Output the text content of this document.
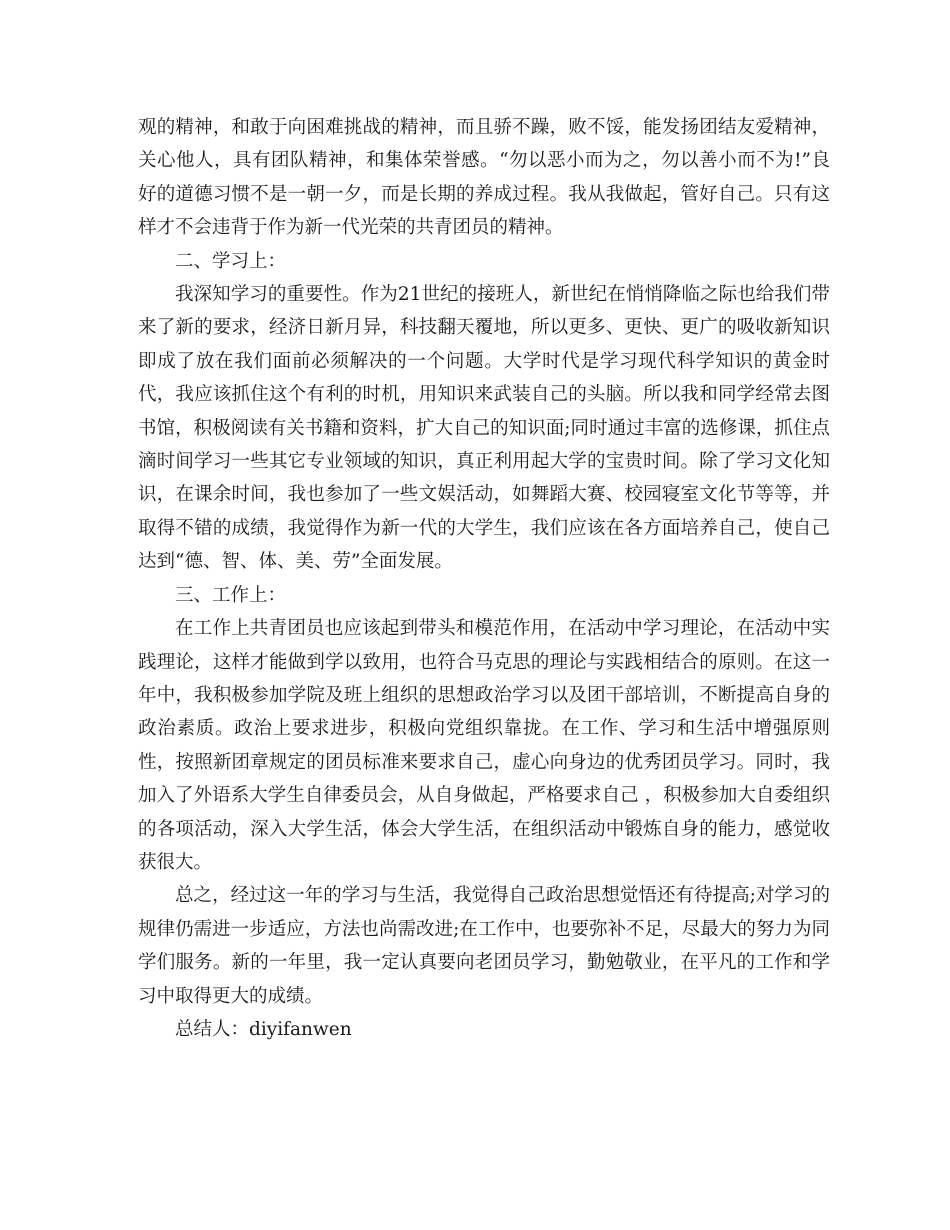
观的精神，和敢于向困难挑战的精神，而且骄不躁，败不馁，能发扬团结友爱精神，关心他人，具有团队精神，和集体荣誉感。“勿以恶小而为之，勿以善小而不为!”良好的道德习惯不是一朝一夕，而是长期的养成过程。我从我做起，管好自己。只有这样才不会违背于作为新一代光荣的共青团员的精神。

二、学习上：

我深知学习的重要性。作为21世纪的接班人，新世纪在悄悄降临之际也给我们带来了新的要求，经济日新月异，科技翻天覆地，所以更多、更快、更广的吸收新知识即成了放在我们面前必须解决的一个问题。大学时代是学习现代科学知识的黄金时代，我应该抓住这个有利的时机，用知识来武装自己的头脑。所以我和同学经常去图书馆，积极阅读有关书籍和资料，扩大自己的知识面;同时通过丰富的选修课，抓住点滴时间学习一些其它专业领域的知识，真正利用起大学的宝贵时间。除了学习文化知识，在课余时间，我也参加了一些文娱活动，如舞蹈大赛、校园寝室文化节等等，并取得不错的成绩，我觉得作为新一代的大学生，我们应该在各方面培养自己，使自己达到“德、智、体、美、劳”全面发展。

三、工作上：

在工作上共青团员也应该起到带头和模范作用，在活动中学习理论，在活动中实践理论，这样才能做到学以致用，也符合马克思的理论与实践相结合的原则。在这一年中，我积极参加学院及班上组织的思想政治学习以及团干部培训，不断提高自身的政治素质。政治上要求进步，积极向党组织靠拢。在工作、学习和生活中增强原则性，按照新团章规定的团员标准来要求自己，虚心向身边的优秀团员学习。同时，我加入了外语系大学生自律委员会，从自身做起，严格要求自己 ，积极参加大自委组织的各项活动，深入大学生活，体会大学生活，在组织活动中锻炼自身的能力，感觉收获很大。

总之，经过这一年的学习与生活，我觉得自己政治思想觉悟还有待提高;对学习的规律仍需进一步适应，方法也尚需改进;在工作中，也要弥补不足，尽最大的努力为同学们服务。新的一年里，我一定认真要向老团员学习，勤勉敬业，在平凡的工作和学习中取得更大的成绩。

总结人：diyifanwen
